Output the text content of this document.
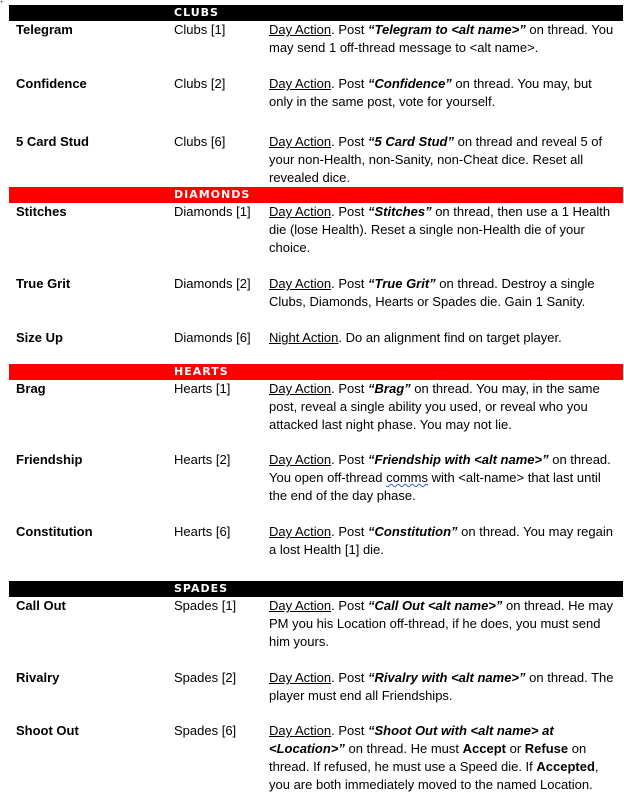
+
CLUBS
Telegram	Clubs [1]	Day Action. Post “Telegram to <alt name>” on thread. You may send 1 off-thread message to <alt name>.
Confidence	Clubs [2]	Day Action. Post “Confidence” on thread. You may, but only in the same post, vote for yourself.
5 Card Stud	Clubs [6]	Day Action. Post “5 Card Stud” on thread and reveal 5 of your non-Health, non-Sanity, non-Cheat dice. Reset all revealed dice.
DIAMONDS
Stitches	Diamonds [1] Day Action. Post “Stitches” on thread, then use a 1 Health die (lose Health). Reset a single non-Health die of your choice.
True Grit	Diamonds [2] Day Action. Post “True Grit” on thread. Destroy a single Clubs, Diamonds, Hearts or Spades die. Gain 1 Sanity.
Size Up	Diamonds [6] Night Action. Do an alignment find on target player.
HEARTS
Brag	Hearts [1]	Day Action. Post “Brag” on thread. You may, in the same post, reveal a single ability you used, or reveal who you attacked last night phase. You may not lie.
Friendship	Hearts [2]	Day Action. Post “Friendship with <alt name>” on thread. You open off-thread comms with <alt-name> that last until the end of the day phase.
Constitution	Hearts [6]	Day Action. Post “Constitution” on thread. You may regain a lost Health [1] die.
SPADES
Call Out	Spades [1]	Day Action. Post “Call Out <alt name>” on thread. He may PM you his Location off-thread, if he does, you must send him yours.
Rivalry	Spades [2]	Day Action. Post “Rivalry with <alt name>” on thread. The player must end all Friendships.
Shoot Out	Spades [6]	Day Action. Post “Shoot Out with <alt name> at <Location>” on thread. He must Accept or Refuse on thread. If refused, he must use a Speed die. If Accepted, you are both immediately moved to the named Location.
